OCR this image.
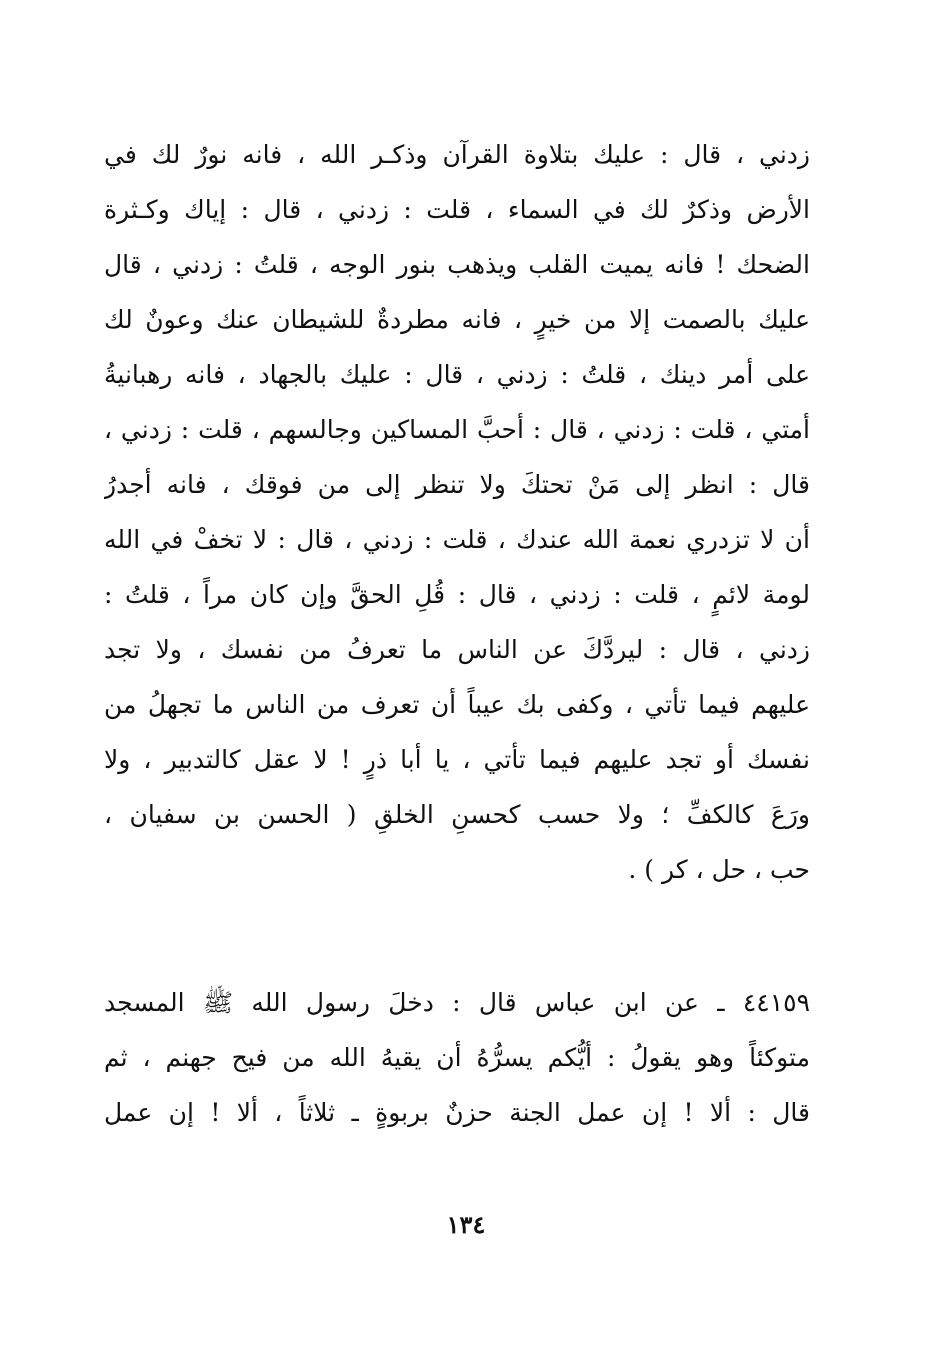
زدني ، قال : عليك بتلاوة القرآن وذكـر الله ، فانه نورٌ لك في
الأرض وذكرٌ لك في السماء ، قلت : زدني ، قال : إياك وكـثرة
الضحك ! فانه يميت القلب ويذهب بنور الوجه ، قلتُ : زدني ، قال
عليك بالصمت إلا من خيرٍ ، فانه مطردةٌ للشيطان عنك وعونٌ لك
على أمر دينك ، قلتُ : زدني ، قال : عليك بالجهاد ، فانه رهبانيةُ
أمتي ، قلت : زدني ، قال : أحبَّ المساكين وجالسهم ، قلت : زدني ،
قال : انظر إلى مَنْ تحتكَ ولا تنظر إلى من فوقك ، فانه أجدرُ
أن لا تزدري نعمة الله عندك ، قلت : زدني ، قال : لا تخفْ في الله
لومة لائمٍ ، قلت : زدني ، قال : قُلِ الحقَّ وإن كان مراً ، قلتُ :
زدني ، قال : ليردَّكَ عن الناس ما تعرفُ من نفسك ، ولا تجد
عليهم فيما تأتي ، وكفى بك عيباً أن تعرف من الناس ما تجهلُ من
نفسك أو تجد عليهم فيما تأتي ، يا أبا ذرٍ ! لا عقل كالتدبير ، ولا
ورَعَ كالكفِّ ؛ ولا حسب كحسنِ الخلقِ ( الحسن بن سفيان ،
حب ، حل ، كر ) .
٤٤١٥٩ ـ عن ابن عباس قال : دخلَ رسول الله ﷺ المسجد
متوكئاً وهو يقولُ : أيُّكم يسرُّهُ أن يقيهُ الله من فيح جهنم ، ثم
قال : ألا ! إن عمل الجنة حزنٌ بربوةٍ ـ ثلاثاً ، ألا ! إن عمل
١٣٤
